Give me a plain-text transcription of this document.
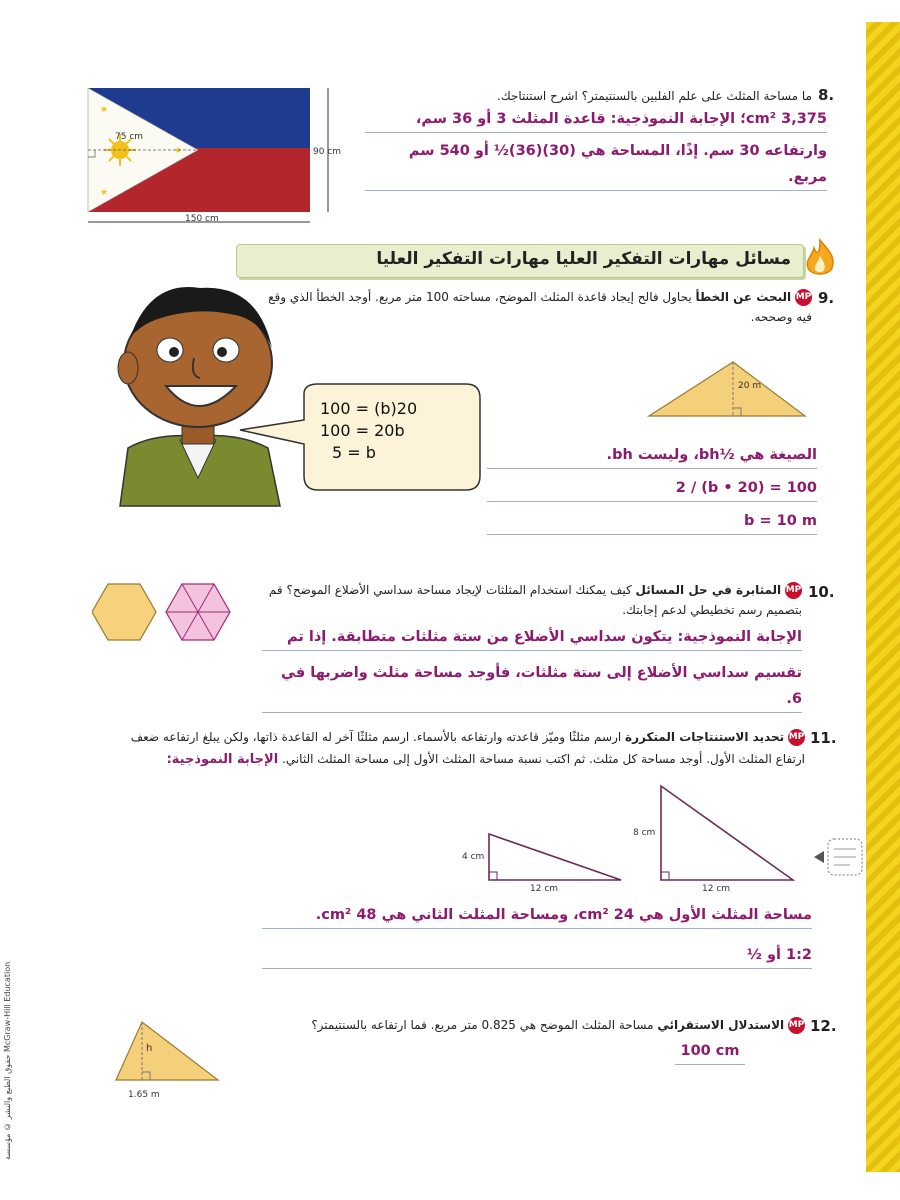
حقوق الطبع والنشر © مؤسسة McGraw-Hill Education
★
★
★
75 cm
90 cm
150 cm
8.
ما مساحة المثلث على علم الفلبين بالسنتيمتر؟ اشرح استنتاجك.
3,375 cm²؛ الإجابة النموذجية: قاعدة المثلث 3 أو 36 سم،
وارتفاعه 30 سم. إذًا، المساحة هي (30)(36)½ أو 540 سم مربع.
مسائل مهارات التفكير العليا مهارات التفكير العليا
100 = (b)20
100 = 20b
5 = b
9.
MP البحث عن الخطأ يحاول فالح إيجاد قاعدة المثلث الموضح، مساحته 100 متر مربع. أوجد الخطأ الذي وقع فيه وصححه.
20 m
الصيغة هي ½bh، وليست bh.
100 = (b • 20) / 2
b = 10 m
10.
MP المثابرة في حل المسائل كيف يمكنك استخدام المثلثات لإيجاد مساحة سداسي الأضلاع الموضح؟ قم بتصميم رسم تخطيطي لدعم إجابتك.
الإجابة النموذجية: يتكون سداسي الأضلاع من ستة مثلثات متطابقة. إذا تم
تقسيم سداسي الأضلاع إلى ستة مثلثات، فأوجد مساحة مثلث واضربها في 6.
11.
MP تحديد الاستنتاجات المتكررة ارسم مثلثًا وميّز قاعدته وارتفاعه بالأسماء. ارسم مثلثًا آخر له القاعدة ذاتها، ولكن يبلغ ارتفاعه ضعف ارتفاع المثلث الأول. أوجد مساحة كل مثلث. ثم اكتب نسبة مساحة المثلث الأول إلى مساحة المثلث الثاني. الإجابة النموذجية:
4 cm
12 cm
8 cm
12 cm
مساحة المثلث الأول هي 24 cm²، ومساحة المثلث الثاني هي 48 cm².
1:2 أو ½
12.
MP الاستدلال الاستقرائي مساحة المثلث الموضح هي 0.825 متر مربع. فما ارتفاعه بالسنتيمتر؟
100 cm
h
1.65 m
